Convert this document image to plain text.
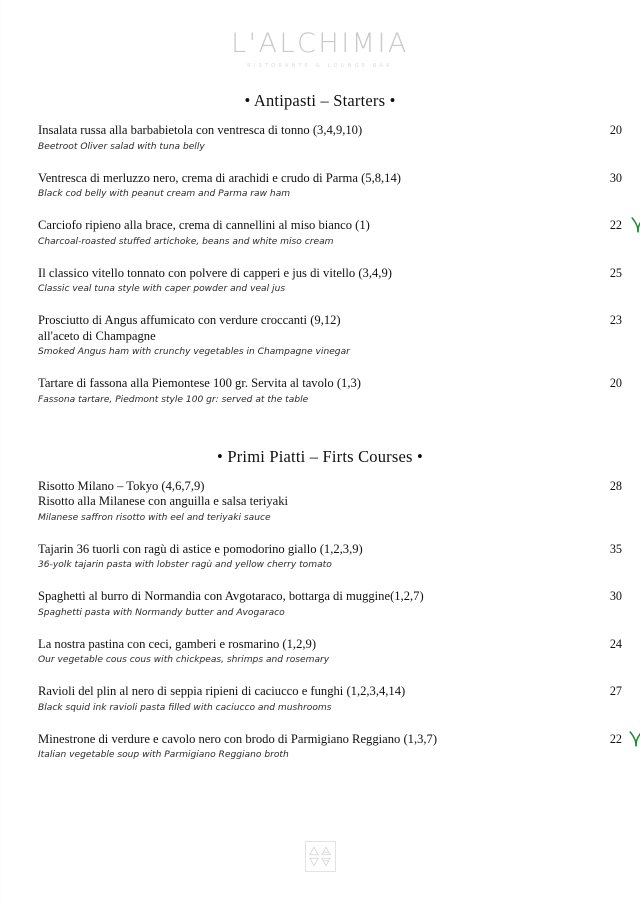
L'ALCHIMIA
RISTORANTE & LOUNGE BAR
• Antipasti – Starters •
Insalata russa alla barbabietola con ventresca di tonno (3,4,9,10)
Beetroot Oliver salad with tuna belly
20
Ventresca di merluzzo nero, crema di arachidi e crudo di Parma (5,8,14)
Black cod belly with peanut cream and Parma raw ham
30
Carciofo ripieno alla brace, crema di cannellini al miso bianco (1)
Charcoal-roasted stuffed artichoke, beans and white miso cream
22
Il classico vitello tonnato con polvere di capperi e jus di vitello (3,4,9)
Classic veal tuna style with caper powder and veal jus
25
Prosciutto di Angus affumicato con verdure croccanti (9,12)
all'aceto di Champagne
Smoked Angus ham with crunchy vegetables in Champagne vinegar
23
Tartare di fassona alla Piemontese 100 gr. Servita al tavolo (1,3)
Fassona tartare, Piedmont style 100 gr: served at the table
20
• Primi Piatti – Firts Courses •
Risotto Milano – Tokyo (4,6,7,9)
Risotto alla Milanese con anguilla e salsa teriyaki
Milanese saffron risotto with eel and teriyaki sauce
28
Tajarin 36 tuorli con ragù di astice e pomodorino giallo (1,2,3,9)
36-yolk tajarin pasta with lobster ragù and yellow cherry tomato
35
Spaghetti al burro di Normandia con Avgotaraco, bottarga di muggine(1,2,7)
Spaghetti pasta with Normandy butter and Avogaraco
30
La nostra pastina con ceci, gamberi e rosmarino (1,2,9)
Our vegetable cous cous with chickpeas, shrimps and rosemary
24
Ravioli del plin al nero di seppia ripieni di caciucco e funghi (1,2,3,4,14)
Black squid ink ravioli pasta filled with caciucco and mushrooms
27
Minestrone di verdure e cavolo nero con brodo di Parmigiano Reggiano (1,3,7)
Italian vegetable soup with Parmigiano Reggiano broth
22
